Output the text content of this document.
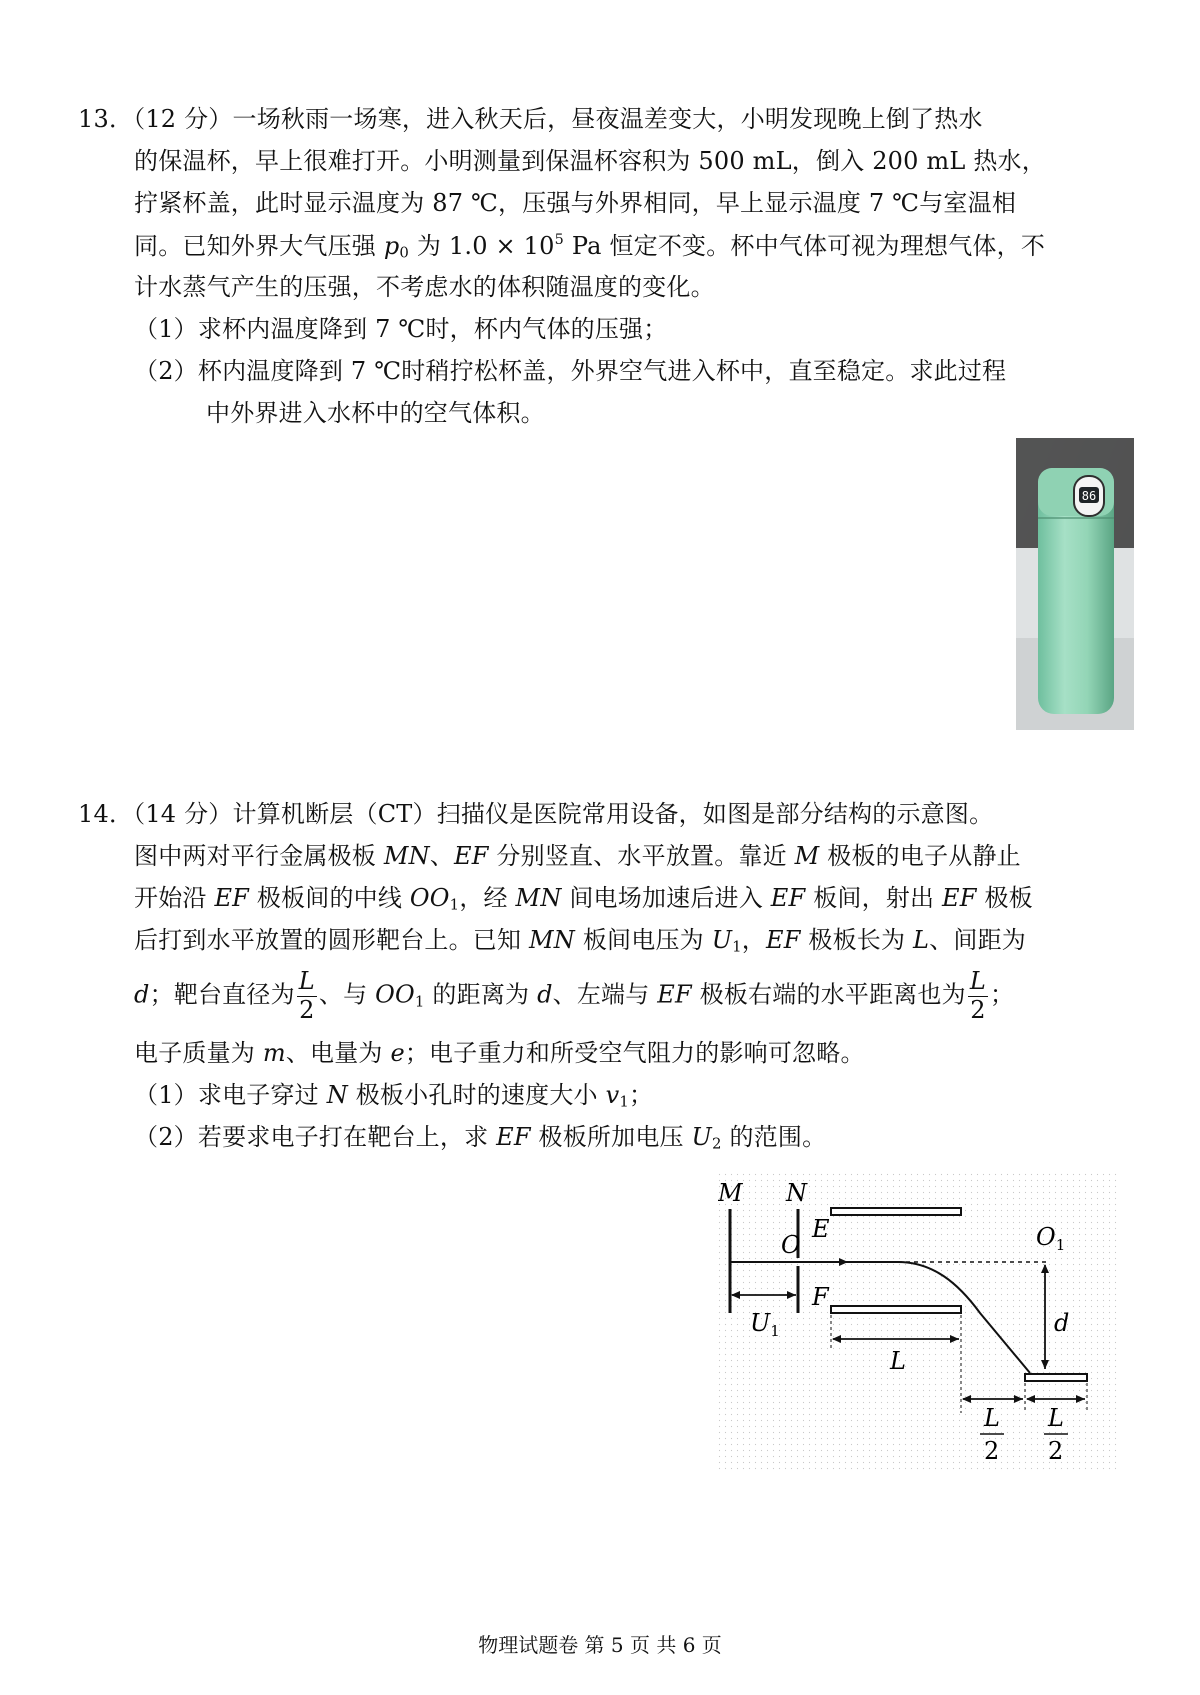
13．（12 分）一场秋雨一场寒，进入秋天后，昼夜温差变大，小明发现晚上倒了热水
的保温杯，早上很难打开。小明测量到保温杯容积为 500 mL，倒入 200 mL 热水，
拧紧杯盖，此时显示温度为 87 ℃，压强与外界相同，早上显示温度 7 ℃与室温相
同。已知外界大气压强 $p_0$ 为 $1.0 \times 10^5$ Pa 恒定不变。杯中气体可视为理想气体，不
计水蒸气产生的压强，不考虑水的体积随温度的变化。
（1）求杯内温度降到 7 ℃时，杯内气体的压强；
（2）杯内温度降到 7 ℃时稍拧松杯盖，外界空气进入杯中，直至稳定。求此过程
中外界进入水杯中的空气体积。
86
14．（14 分）计算机断层（CT）扫描仪是医院常用设备，如图是部分结构的示意图。
图中两对平行金属极板 MN、EF 分别竖直、水平放置。靠近 M 极板的电子从静止
开始沿 EF 极板间的中线 $OO_1$，经 MN 间电场加速后进入 EF 板间，射出 EF 极板
后打到水平放置的圆形靶台上。已知 MN 板间电压为 $U_1$，EF 极板长为 L、间距为
d；靶台直径为 $\frac{L}{2}$ 、与 $OO_1$ 的距离为 d、左端与 EF 极板右端的水平距离也为 $\frac{L}{2}$ ；
电子质量为 m、电量为 e；电子重力和所受空气阻力的影响可忽略。
（1）求电子穿过 N 极板小孔时的速度大小 $v_1$；
（2）若要求电子打在靶台上，求 EF 极板所加电压 $U_2$ 的范围。
M N
E
F
O	$O_1$
d
$U_1$
L
L
2
L
2
物理试题卷 第 5 页 共 6 页
